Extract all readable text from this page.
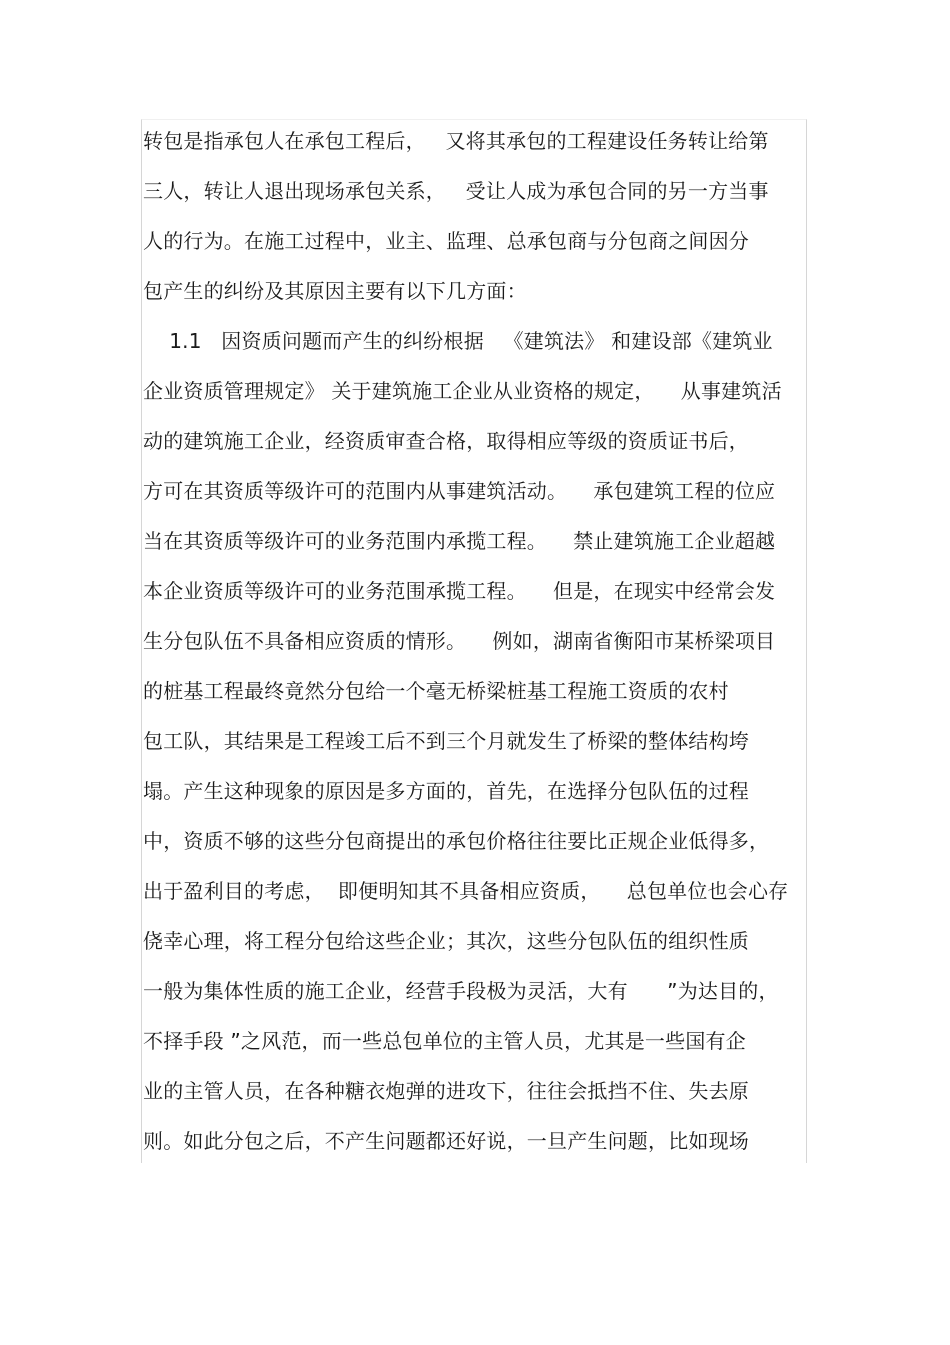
转包是指承包人在承包工程后，   又将其承包的工程建设任务转让给第
三人，转让人退出现场承包关系，   受让人成为承包合同的另一方当事
人的行为。在施工过程中，业主、监理、总承包商与分包商之间因分
包产生的纠纷及其原因主要有以下几方面：
1.1   因资质问题而产生的纠纷根据   《建筑法》 和建设部《建筑业
企业资质管理规定》 关于建筑施工企业从业资格的规定，    从事建筑活
动的建筑施工企业，经资质审查合格，取得相应等级的资质证书后，
方可在其资质等级许可的范围内从事建筑活动。    承包建筑工程的位应
当在其资质等级许可的业务范围内承揽工程。    禁止建筑施工企业超越
本企业资质等级许可的业务范围承揽工程。    但是，在现实中经常会发
生分包队伍不具备相应资质的情形。    例如，湖南省衡阳市某桥梁项目
的桩基工程最终竟然分包给一个毫无桥梁桩基工程施工资质的农村
包工队，其结果是工程竣工后不到三个月就发生了桥梁的整体结构垮
塌。产生这种现象的原因是多方面的，首先，在选择分包队伍的过程
中，资质不够的这些分包商提出的承包价格往往要比正规企业低得多，
出于盈利目的考虑，  即便明知其不具备相应资质，    总包单位也会心存
侥幸心理，将工程分包给这些企业；其次，这些分包队伍的组织性质
一般为集体性质的施工企业，经营手段极为灵活，大有      ”为达目的，
不择手段 ”之风范，而一些总包单位的主管人员，尤其是一些国有企
业的主管人员，在各种糖衣炮弹的进攻下，往往会抵挡不住、失去原
则。如此分包之后，不产生问题都还好说，一旦产生问题，比如现场
